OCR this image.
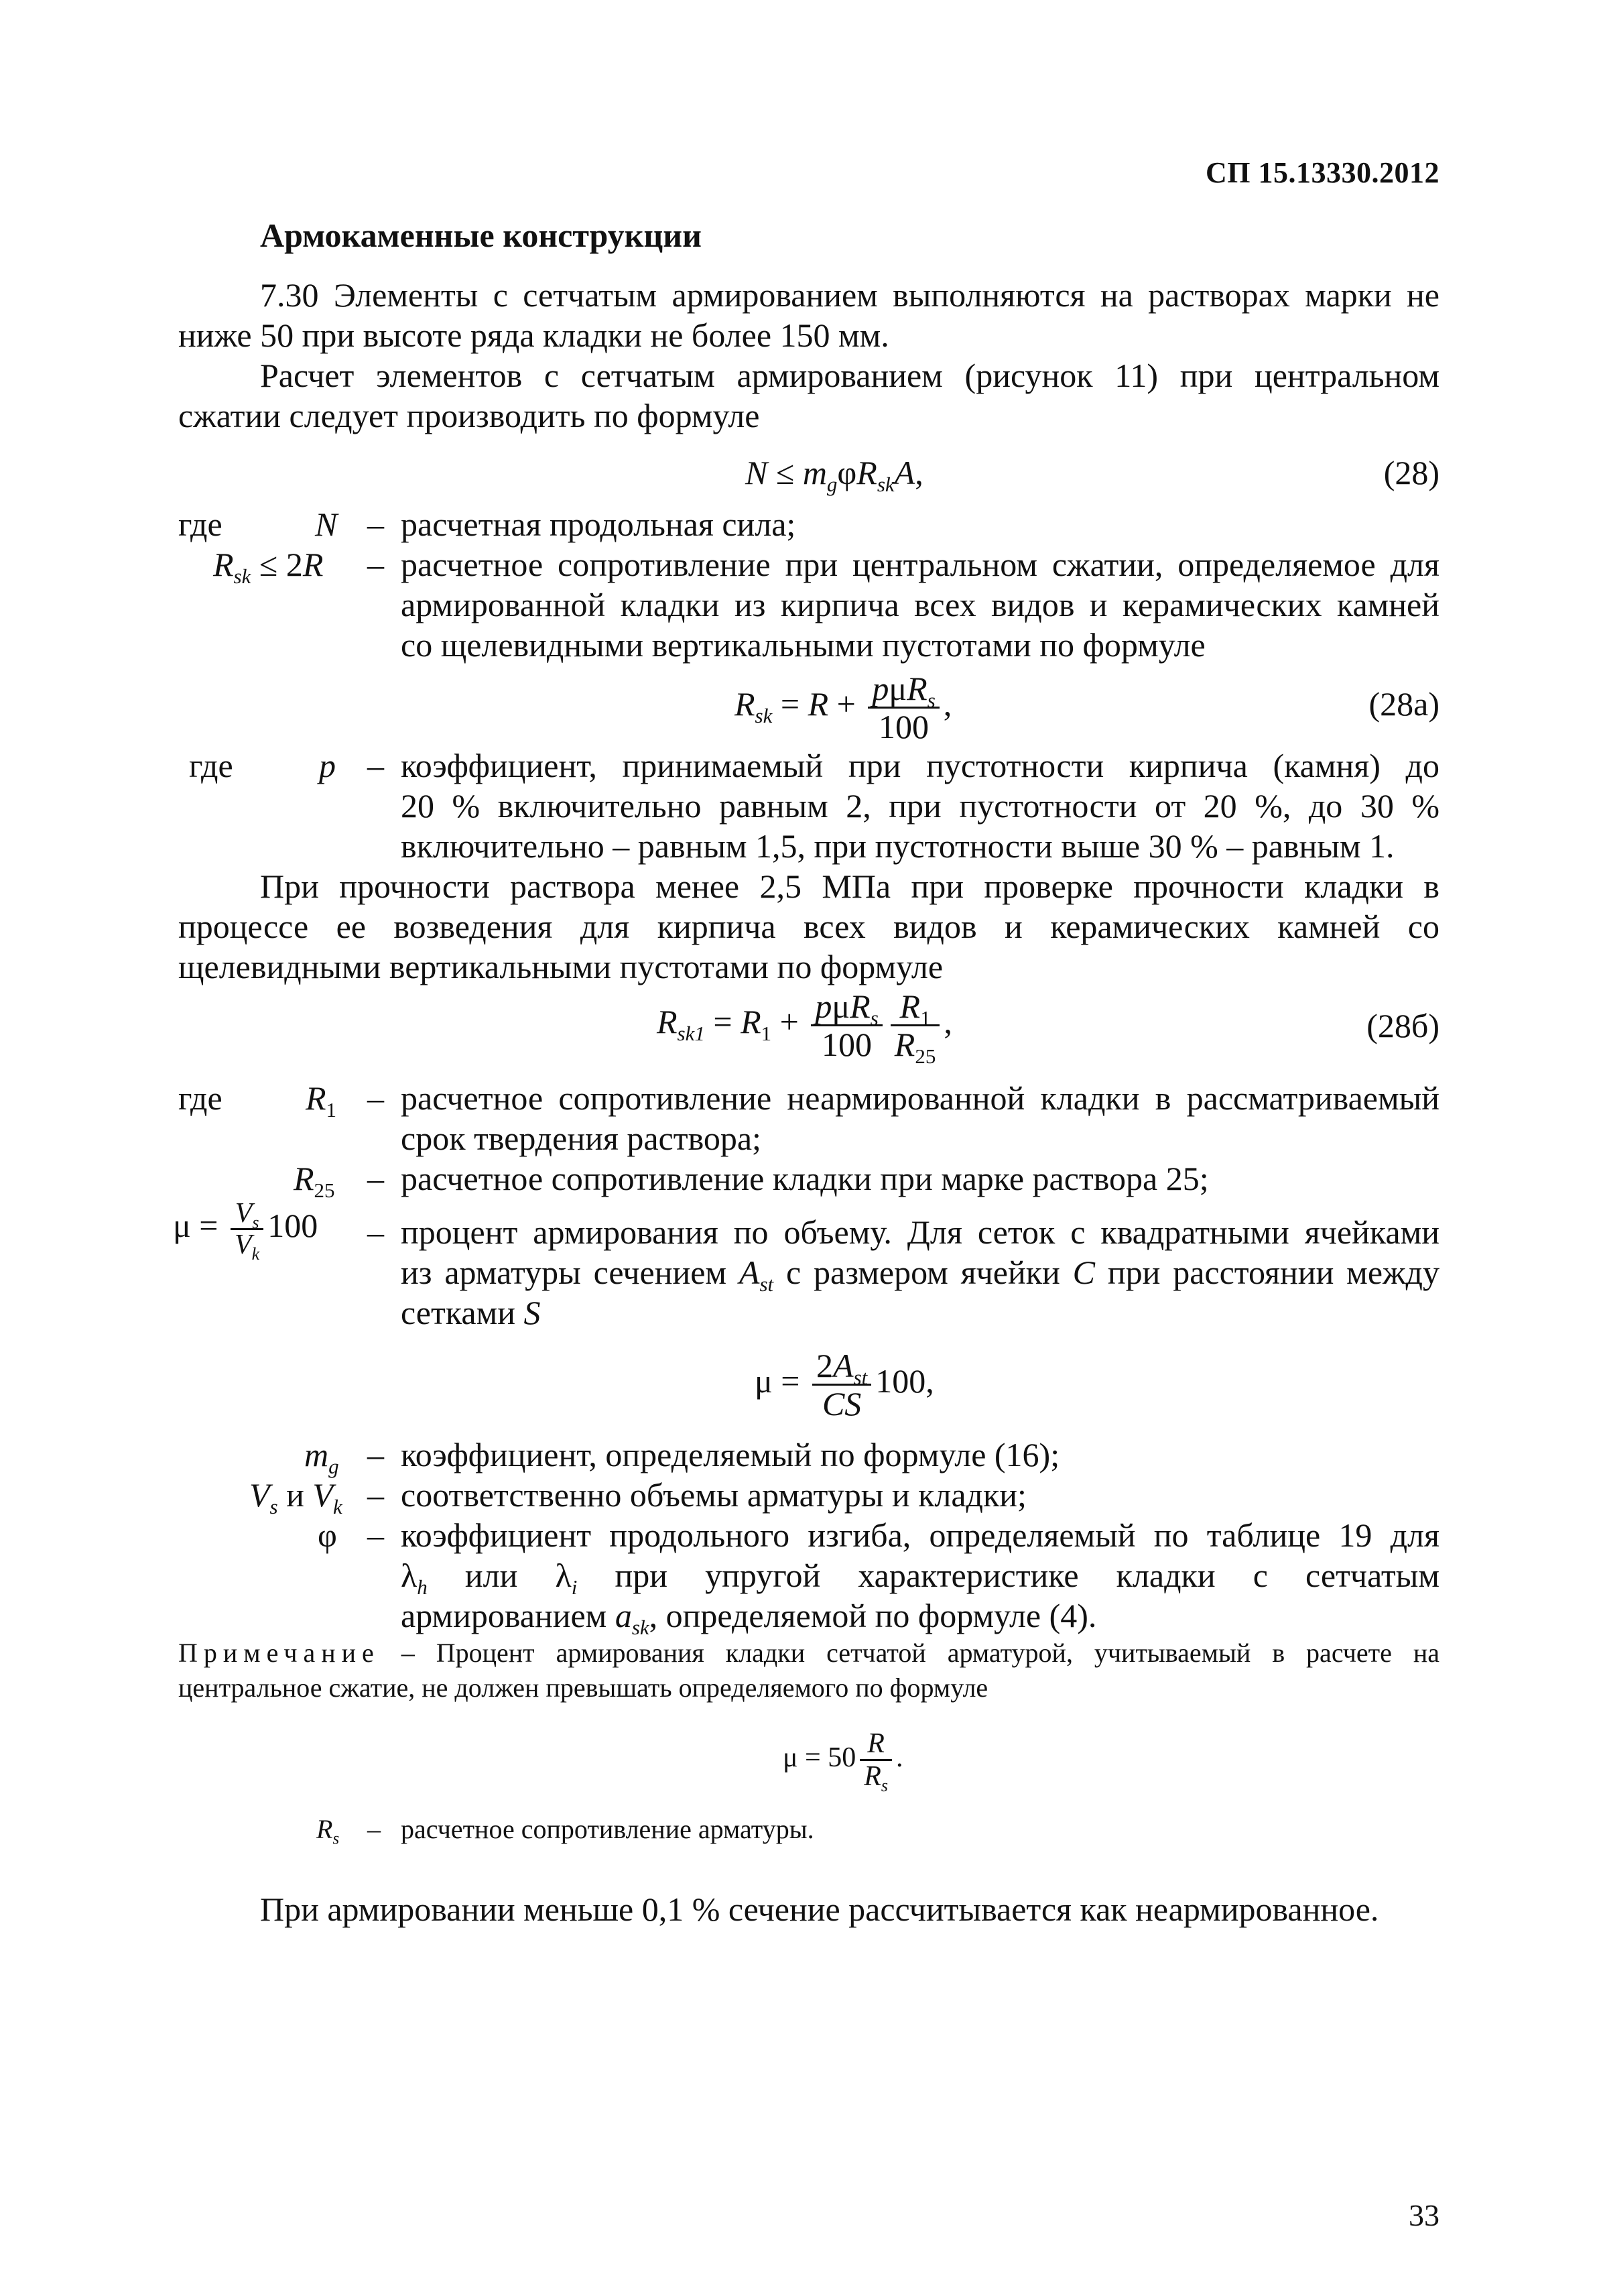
СП 15.13330.2012
Армокаменные конструкции
7.30 Элементы с сетчатым армированием выполняются на растворах марки не
ниже 50 при высоте ряда кладки не более 150 мм.
Расчет элементов с сетчатым армированием (рисунок 11) при центральном
сжатии следует производить по формуле
$N \le m_g\varphi R_{sk}A$,	(28)
где	N – расчетная продольная сила;
$R_{sk} \le 2R$ – расчетное сопротивление при центральном сжатии, определяемое для
армированной кладки из кирпича всех видов и керамических камней
со щелевидными вертикальными пустотами по формуле
$R_{sk} = R + \frac{p\mu R_s}{100}$ ,	(28а)
где	p – коэффициент, принимаемый при пустотности кирпича (камня) до
20 % включительно равным 2, при пустотности от 20 %, до 30 %
включительно – равным 1,5, при пустотности выше 30 % – равным 1.
При прочности раствора менее 2,5 МПа при проверке прочности кладки в
процессе ее возведения для кирпича всех видов и керамических камней со
щелевидными вертикальными пустотами по формуле
$R_{sk1} = R_1 + \frac{p\mu R_s}{100} \frac{R_1}{R_{25}}$ ,	(28б)
где $R_1$ – расчетное сопротивление неармированной кладки в рассматриваемый
срок твердения раствора;
$R_{25}$ – расчетное сопротивление кладки при марке раствора 25;
$\mu = \frac{V_s}{V_k} 100$ – процент армирования по объему. Для сеток с квадратными ячейками
из арматуры сечением $A_{st}$ с размером ячейки C при расстоянии между
сетками S
$\mu = \frac{2A_{st}}{CS} 100$,
$m_g$ – коэффициент, определяемый по формуле (16);
$V_s$ и $V_k$ – соответственно объемы арматуры и кладки;
φ – коэффициент продольного изгиба, определяемый по таблице 19 для
$\lambda_h$ или $\lambda_i$ при упругой характеристике кладки с сетчатым
армированием $a_{sk}$, определяемой по формуле (4).
Примечание – Процент армирования кладки сетчатой арматурой, учитываемый в расчете на
центральное сжатие, не должен превышать определяемого по формуле
$\mu = 50 \frac{R}{R_s}$ .
$R_s$ – расчетное сопротивление арматуры.
При армировании меньше 0,1 % сечение рассчитывается как неармированное.
33
